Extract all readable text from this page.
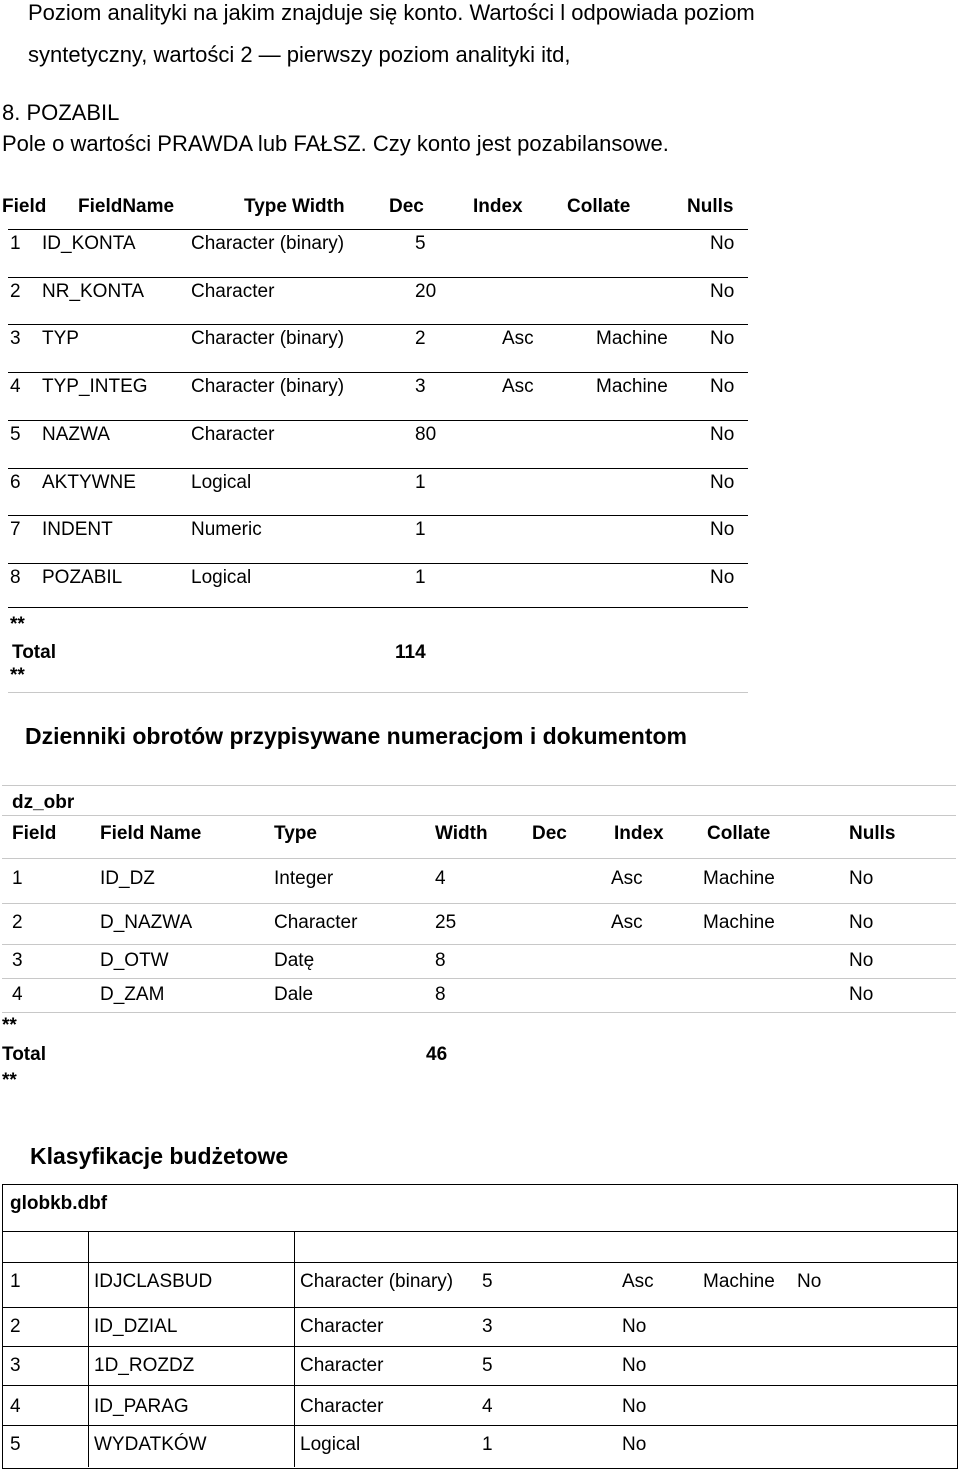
Poziom analityki na jakim znajduje się konto. Wartości l odpowiada poziom
syntetyczny, wartości 2 — pierwszy poziom analityki itd,
8. POZABIL
Pole o wartości PRAWDA lub FAŁSZ. Czy konto jest pozabilansowe.
Field FieldName	Type Width Dec	Index Collate	Nulls
1 ID_KONTA	Character (binary)	5	No
2 NR_KONTA Character	20	No
3 TYP	Character (binary)	2	Asc	Machine No
4 TYP_INTEG Character (binary)	3	Asc	Machine No
5 NAZWA	Character	80	No
6 AKTYWNE	Logical	1	No
7 INDENT	Numeric	1	No
8 POZABIL	Logical	1	No
**
Total	114
**
Dzienniki obrotów przypisywane numeracjom i dokumentom
dz_obr
Field Field Name	Type	Width Dec Index Collate	Nulls
1	ID_DZ	Integer	4	Asc	Machine	No
2	D_NAZWA	Character	25	Asc	Machine	No
3	D_OTW	Datę	8	No
4	D_ZAM	Dale	8	No
**
Total	46
**
Klasyfikacje budżetowe
globkb.dbf
1	IDJCLASBUD	Character (binary) 5	Asc	Machine No
2	ID_DZIAL	Character	3	No
3	1D_ROZDZ	Character	5	No
4	ID_PARAG	Character	4	No
5	WYDATKÓW	Logical	1	No
